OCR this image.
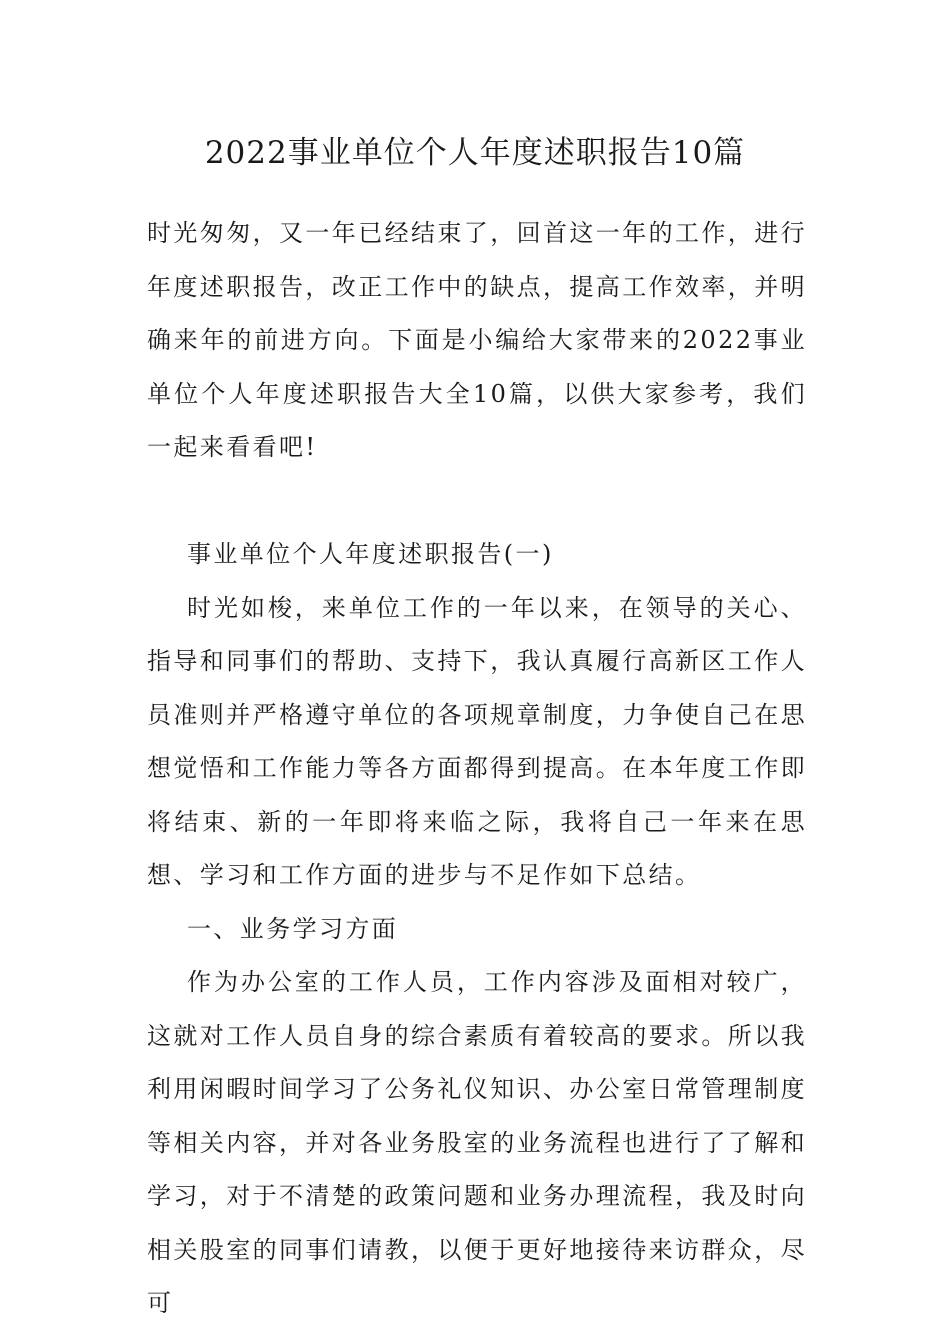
2022事业单位个人年度述职报告10篇

时光匆匆，又一年已经结束了，回首这一年的工作，进行年度述职报告，改正工作中的缺点，提高工作效率，并明确来年的前进方向。下面是小编给大家带来的2022事业单位个人年度述职报告大全10篇，以供大家参考，我们一起来看看吧!

事业单位个人年度述职报告(一)

时光如梭，来单位工作的一年以来，在领导的关心、指导和同事们的帮助、支持下，我认真履行高新区工作人员准则并严格遵守单位的各项规章制度，力争使自己在思想觉悟和工作能力等各方面都得到提高。在本年度工作即将结束、新的一年即将来临之际，我将自己一年来在思想、学习和工作方面的进步与不足作如下总结。

一、业务学习方面

作为办公室的工作人员，工作内容涉及面相对较广，这就对工作人员自身的综合素质有着较高的要求。所以我利用闲暇时间学习了公务礼仪知识、办公室日常管理制度等相关内容，并对各业务股室的业务流程也进行了了解和学习，对于不清楚的政策问题和业务办理流程，我及时向相关股室的同事们请教，以便于更好地接待来访群众，尽可
